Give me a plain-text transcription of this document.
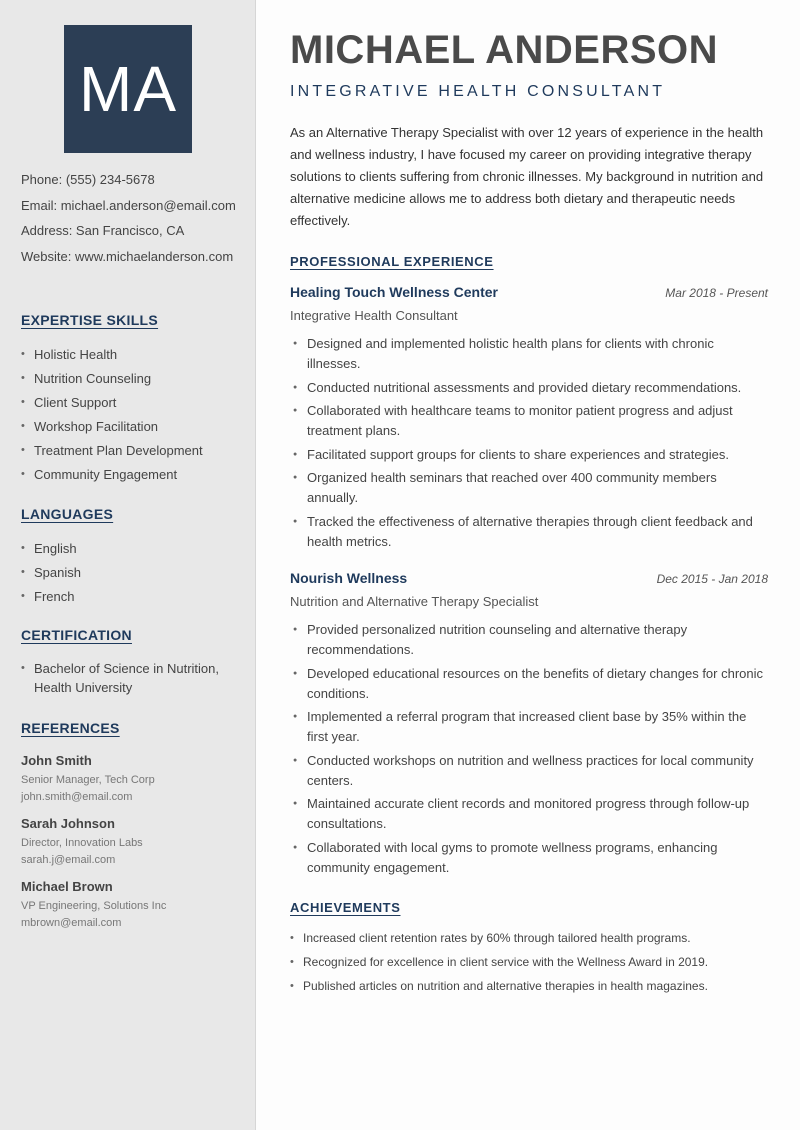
MA
Phone: (555) 234-5678
Email: michael.anderson@email.com
Address: San Francisco, CA
Website: www.michaelanderson.com
EXPERTISE SKILLS
• Holistic Health
• Nutrition Counseling
• Client Support
• Workshop Facilitation
• Treatment Plan Development
• Community Engagement
LANGUAGES
• English
• Spanish
• French
CERTIFICATION
• Bachelor of Science in Nutrition, Health University
REFERENCES
John Smith
Senior Manager, Tech Corp
john.smith@email.com
Sarah Johnson
Director, Innovation Labs
sarah.j@email.com
Michael Brown
VP Engineering, Solutions Inc
mbrown@email.com
MICHAEL ANDERSON
INTEGRATIVE HEALTH CONSULTANT

As an Alternative Therapy Specialist with over 12 years of experience in the health and wellness industry, I have focused my career on providing integrative therapy solutions to clients suffering from chronic illnesses. My background in nutrition and alternative medicine allows me to address both dietary and therapeutic needs effectively.

PROFESSIONAL EXPERIENCE
Healing Touch Wellness Center	Mar 2018 - Present
Integrative Health Consultant
● Designed and implemented holistic health plans for clients with chronic illnesses.
● Conducted nutritional assessments and provided dietary recommendations.
● Collaborated with healthcare teams to monitor patient progress and adjust treatment plans.
● Facilitated support groups for clients to share experiences and strategies.
● Organized health seminars that reached over 400 community members annually.
● Tracked the effectiveness of alternative therapies through client feedback and health metrics.
Nourish Wellness	Dec 2015 - Jan 2018
Nutrition and Alternative Therapy Specialist
● Provided personalized nutrition counseling and alternative therapy recommendations.
● Developed educational resources on the benefits of dietary changes for chronic conditions.
● Implemented a referral program that increased client base by 35% within the first year.
● Conducted workshops on nutrition and wellness practices for local community centers.
● Maintained accurate client records and monitored progress through follow-up consultations.
● Collaborated with local gyms to promote wellness programs, enhancing community engagement.
ACHIEVEMENTS
• Increased client retention rates by 60% through tailored health programs.
• Recognized for excellence in client service with the Wellness Award in 2019.
• Published articles on nutrition and alternative therapies in health magazines.
